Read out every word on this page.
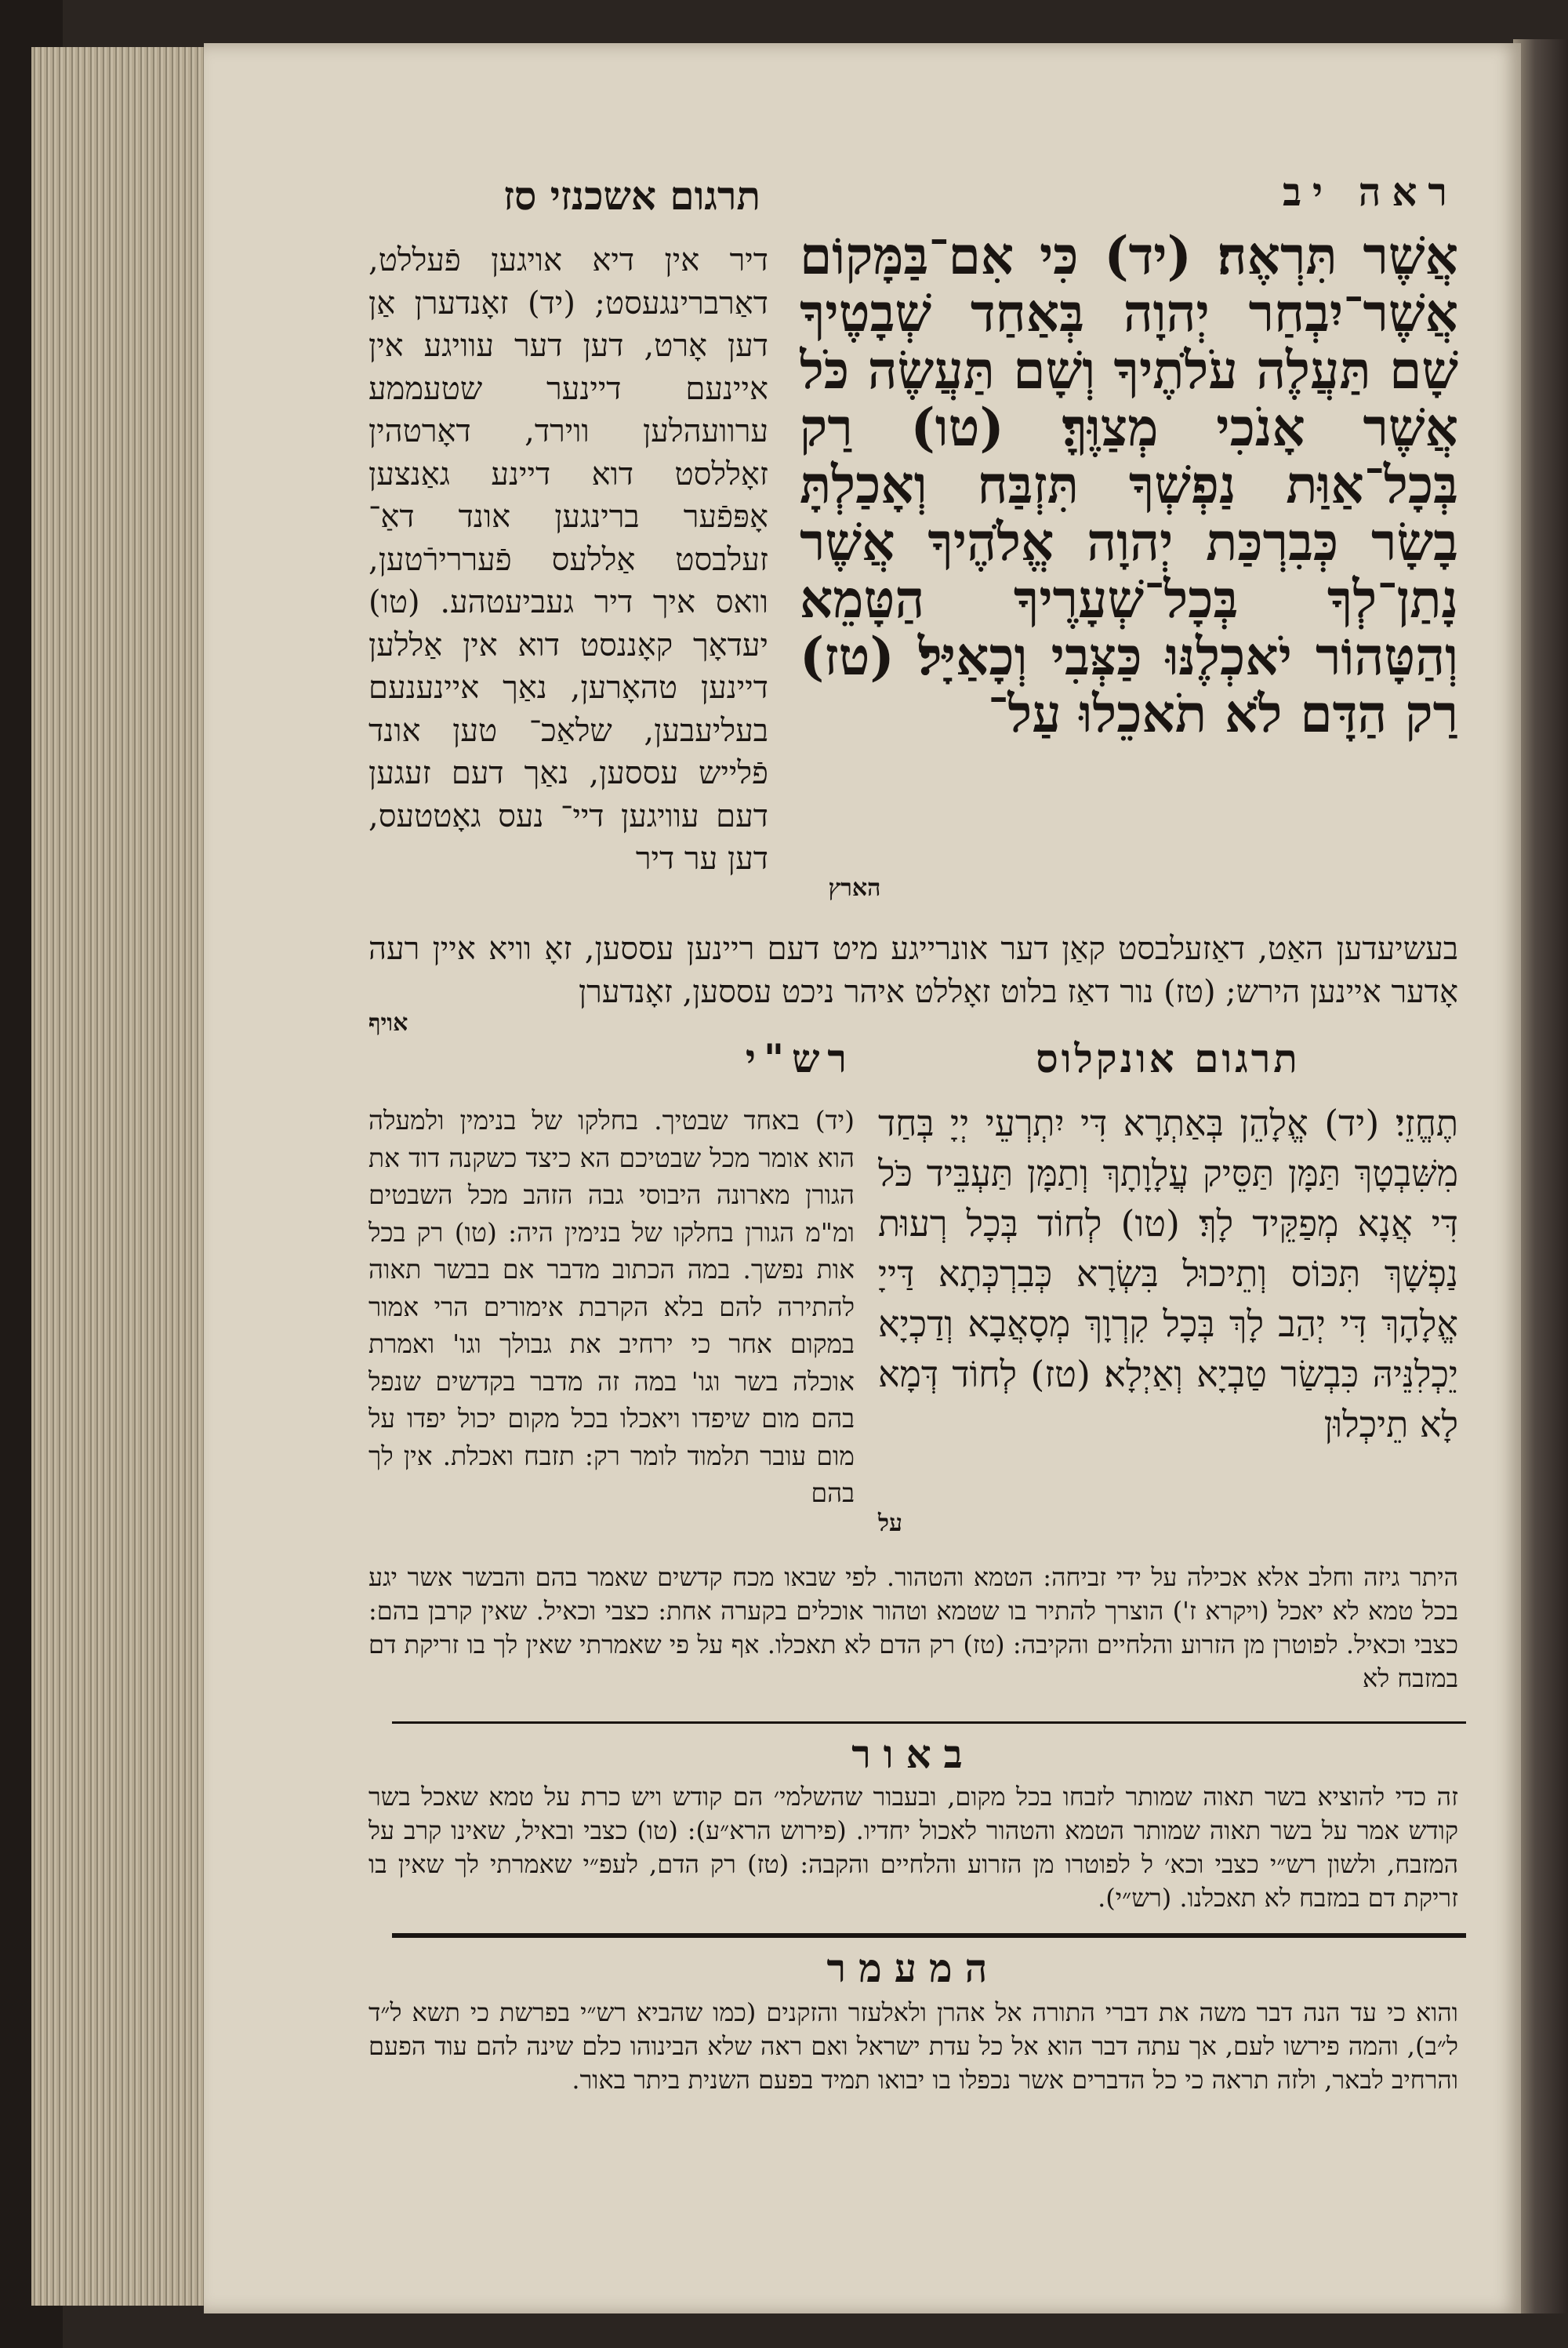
ראה יב
תרגום אשכנזי סז
אֲשֶׁר תִּרְאֶה׃ (יד) כִּי אִם־בַּמָּקוֹם אֲשֶׁר־יִבְחַר יְהוָה בְּאַחַד שְׁבָטֶיךָ שָׁם תַּעֲלֶה עֹלֹתֶיךָ וְשָׁם תַּעֲשֶׂה כֹּל אֲשֶׁר אָנֹכִי מְצַוֶּךָּ׃ (טו) רַק בְּכָל־אַוַּת נַפְשְׁךָ תִּזְבַּח וְאָכַלְתָּ בָשָׂר כְּבִרְכַּת יְהוָה אֱלֹהֶיךָ אֲשֶׁר נָתַן־לְךָ בְּכָל־שְׁעָרֶיךָ הַטָּמֵא וְהַטָּהוֹר יֹאכְלֶנּוּ כַּצְּבִי וְכָאַיָּל׃ (טז) רַק הַדָּם לֹא תֹאכֵלוּ עַל־
הארץ
דיר אין דיא אויגען פֿעללט, דאַרברינגעסט; (יד) זאָנדערן אַן דען אָרט, דען דער עוויגע אין איינעם דיינער שטעממע ערוועהלען ווירד, דאָרטהין זאָללסט דוא דיינע גאַנצען אָפּפֿער ברינגען אונד דאַ־ זעלבסט אַללעס פֿעררירֿטען, וואס איך דיר געביעטהע. (טו) יעדאָך קאָננסט דוא אין אַללען דיינען טהאָרען, נאַך איינענעם בעליעבען, שלאַכ־ טען אונד פֿלייש עססען, נאַך דעם זעגען דעם עוויגען דיי־ נעס גאָטטעס, דען ער דיר
בעשיעדען האַט, דאַזעלבסט קאַן דער אונרייגע מיט דעם ריינען עססען, זאָ וויא איין רעה אָדער איינען הירש; (טז) נור דאַז בלוט זאָללט איהר ניכט עססען, זאָנדערן
אויף
תרגום אונקלוס
תֶחֱזֵי׃ (יד) אֱלָהֵן בְּאַתְרָא דִּי יִתְרְעֵי יְיָ בְּחַד מִשִּׁבְטָךְ תַּמָּן תַּסֵּיק עֲלָוָתָךְ וְתַמָּן תַּעְבֵּיד כֹּל דִּי אֲנָא מְפַקֵּיד לָךְ׃ (טו) לְחוֹד בְּכָל רְעוּת נַפְשָׁךְ תִּכּוֹס וְתֵיכוּל בִּשְׂרָא כְּבִרְכְּתָא דַּייָ אֱלָהָךְ דִּי יְהַב לָךְ בְּכָל קִרְוָךְ מְסָאֲבָא וְדַכְיָא יֵכְלִנֵּיהּ כִּבְשַׂר טַבְיָא וְאַיְלָא׃ (טז) לְחוֹד דְּמָא לָא תֵיכְלוּן
על
רש"י
(יד) באחד שבטיך. בחלקו של בנימין ולמעלה הוא אומר מכל שבטיכם הא כיצד כשקנה דוד את הגורן מארונה היבוסי גבה הזהב מכל השבטים ומ"מ הגורן בחלקו של בנימין היה: (טו) רק בכל אות נפשך. במה הכתוב מדבר אם בבשר תאוה להתירה להם בלא הקרבת אימורים הרי אמור במקום אחר כי ירחיב את גבולך וגו' ואמרת אוכלה בשר וגו' במה זה מדבר בקדשים שנפל בהם מום שיפדו ויאכלו בכל מקום יכול יפדו על מום עובר תלמוד לומר רק: תזבח ואכלת. אין לך בהם
היתר גיזה וחלב אלא אכילה על ידי זביחה: הטמא והטהור. לפי שבאו מכח קדשים שאמר בהם והבשר אשר יגע בכל טמא לא יאכל (ויקרא ז') הוצרך להתיר בו שטמא וטהור אוכלים בקערה אחת: כצבי וכאיל. שאין קרבן בהם: כצבי וכאיל. לפוטרן מן הזרוע והלחיים והקיבה: (טז) רק הדם לא תאכלו. אף על פי שאמרתי שאין לך בו זריקת דם במזבח לא
באור
זה כדי להוציא בשר תאוה שמותר לזבחו בכל מקום, ובעבור שהשלמי׳ הם קודש ויש כרת על טמא שאכל בשר קודש אמר על בשר תאוה שמותר הטמא והטהור לאכול יחדיו. (פירוש הרא״ע): (טו) כצבי ובאיל, שאינו קרב על המזבח, ולשון רש״י כצבי וכא׳ ל לפוטרו מן הזרוע והלחיים והקבה: (טז) רק הדם, לעפ״י שאמרתי לך שאין בו זריקת דם במזבח לא תאכלנו. (רש״י).
המעמר
והוא כי עד הנה דבר משה את דברי התורה אל אהרן ולאלעזר והזקנים (כמו שהביא רש״י בפרשת כי תשא ל״ד ל״ב), והמה פירשו לעם, אך עתה דבר הוא אל כל עדת ישראל ואם ראה שלא הבינוהו כלם שינה להם עוד הפעם והרחיב לבאר, ולזה תראה כי כל הדברים אשר נכפלו בו יבואו תמיד בפעם השנית ביתר באור.
